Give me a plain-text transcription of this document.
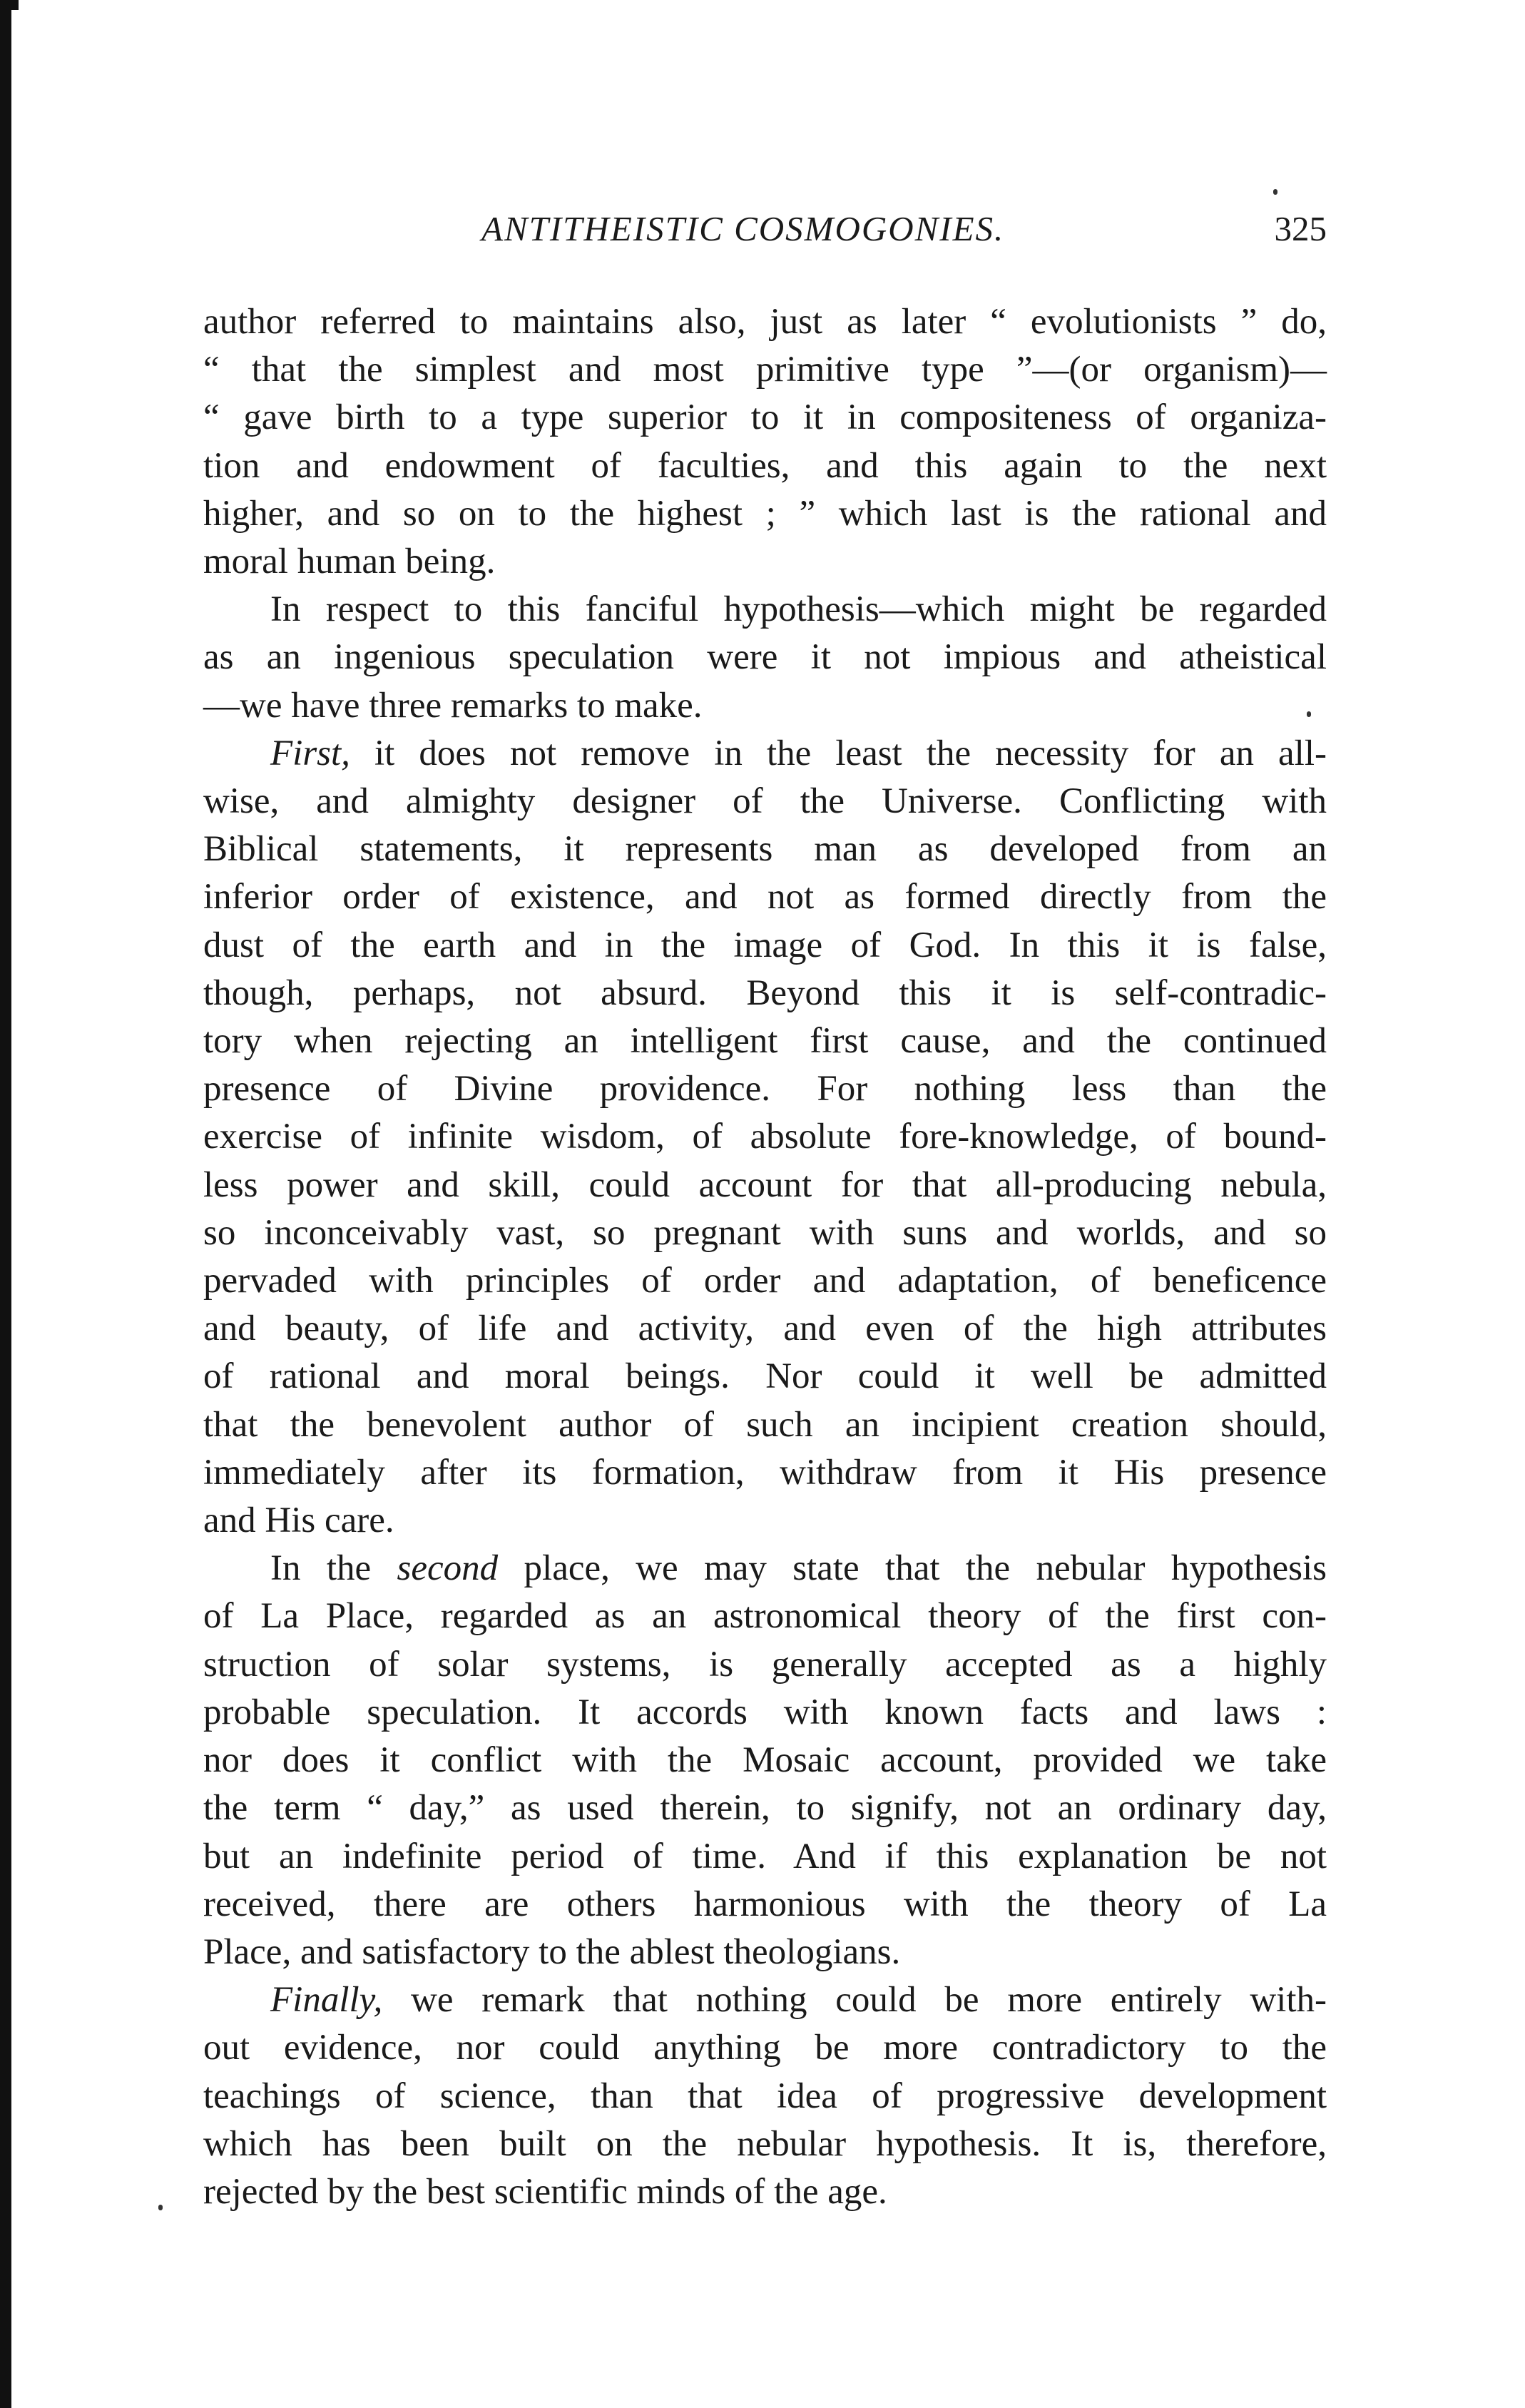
ANTITHEISTIC COSMOGONIES.	325

author referred to maintains also, just as later “ evolutionists ” do,
“ that the simplest and most primitive type ”—(or organism)—
“ gave birth to a type superior to it in compositeness of organiza-
tion and endowment of faculties, and this again to the next
higher, and so on to the highest ; ” which last is the rational and
moral human being.

In respect to this fanciful hypothesis—which might be regarded
as an ingenious speculation were it not impious and atheistical
—we have three remarks to make.

First, it does not remove in the least the necessity for an all-
wise, and almighty designer of the Universe. Conflicting with
Biblical statements, it represents man as developed from an
inferior order of existence, and not as formed directly from the
dust of the earth and in the image of God. In this it is false,
though, perhaps, not absurd. Beyond this it is self-contradic-
tory when rejecting an intelligent first cause, and the continued
presence of Divine providence. For nothing less than the
exercise of infinite wisdom, of absolute fore-knowledge, of bound-
less power and skill, could account for that all-producing nebula,
so inconceivably vast, so pregnant with suns and worlds, and so
pervaded with principles of order and adaptation, of beneficence
and beauty, of life and activity, and even of the high attributes
of rational and moral beings. Nor could it well be admitted
that the benevolent author of such an incipient creation should,
immediately after its formation, withdraw from it His presence
and His care.

In the second place, we may state that the nebular hypothesis
of La Place, regarded as an astronomical theory of the first con-
struction of solar systems, is generally accepted as a highly
probable speculation. It accords with known facts and laws :
nor does it conflict with the Mosaic account, provided we take
the term “ day,” as used therein, to signify, not an ordinary day,
but an indefinite period of time. And if this explanation be not
received, there are others harmonious with the theory of La
Place, and satisfactory to the ablest theologians.

Finally, we remark that nothing could be more entirely with-
out evidence, nor could anything be more contradictory to the
teachings of science, than that idea of progressive development
which has been built on the nebular hypothesis. It is, therefore,
rejected by the best scientific minds of the age.
